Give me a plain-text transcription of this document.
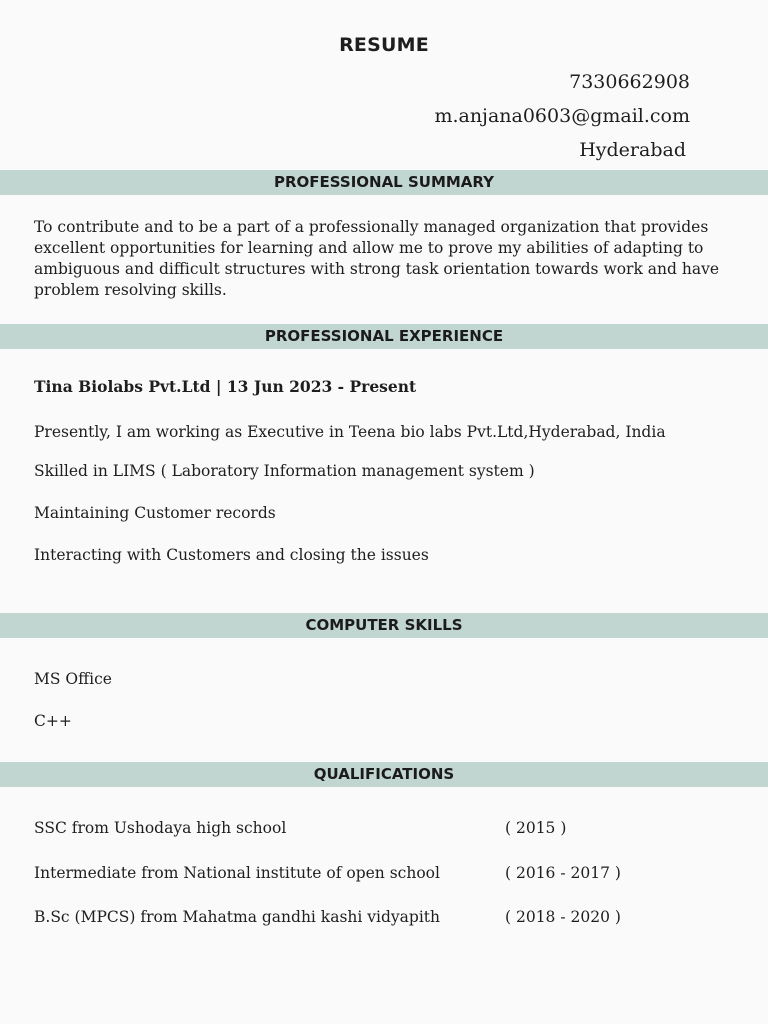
RESUME
7330662908
m.anjana0603@gmail.com
Hyderabad
PROFESSIONAL SUMMARY
To contribute and to be a part of a professionally managed organization that provides excellent opportunities for learning and allow me to prove my abilities of adapting to ambiguous and difficult structures with strong task orientation towards work and have problem resolving skills.
PROFESSIONAL EXPERIENCE
Tina Biolabs Pvt.Ltd | 13 Jun 2023 - Present
Presently, I am working as Executive in Teena bio labs Pvt.Ltd,Hyderabad, India
Skilled in LIMS ( Laboratory Information management system )
Maintaining Customer records
Interacting with Customers and closing the issues
COMPUTER SKILLS
MS Office
C++
QUALIFICATIONS
SSC from Ushodaya high school	( 2015 )
Intermediate from National institute of open school	( 2016 - 2017 )
B.Sc (MPCS) from Mahatma gandhi kashi vidyapith	( 2018 - 2020 )
